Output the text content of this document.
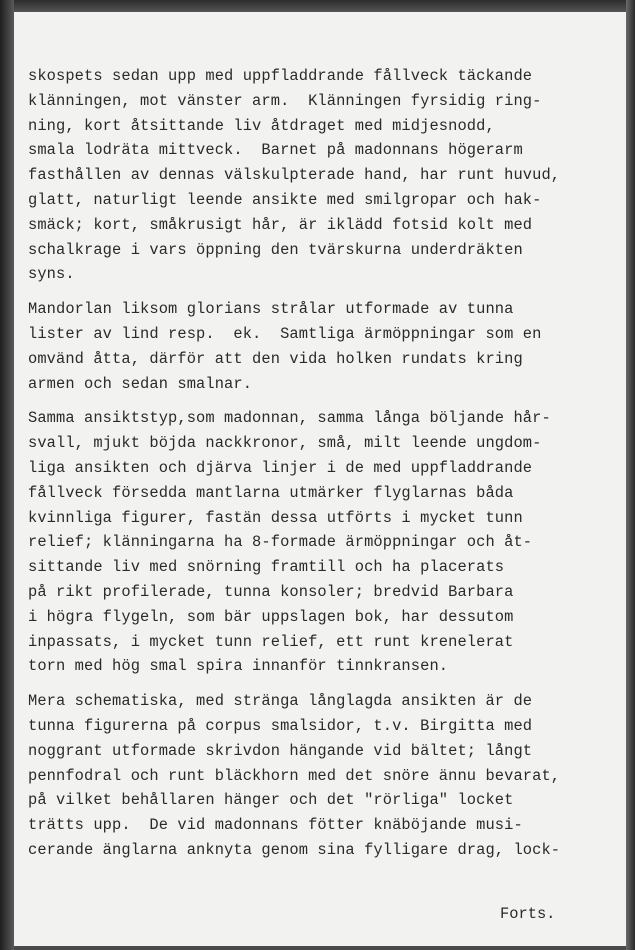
skospets sedan upp med uppfladdrande fållveck täckande
klänningen, mot vänster arm.  Klänningen fyrsidig ring-
ning, kort åtsittande liv åtdraget med midjesnodd,
smala lodräta mittveck.  Barnet på madonnans högerarm
fasthållen av dennas välskulpterade hand, har runt huvud,
glatt, naturligt leende ansikte med smilgropar och hak-
smäck; kort, småkrusigt hår, är iklädd fotsid kolt med
schalkrage i vars öppning den tvärskurna underdräkten
syns.
Mandorlan liksom glorians strålar utformade av tunna
lister av lind resp.  ek.  Samtliga ärmöppningar som en
omvänd åtta, därför att den vida holken rundats kring
armen och sedan smalnar.
Samma ansiktstyp,som madonnan, samma långa böljande hår-
svall, mjukt böjda nackkronor, små, milt leende ungdom-
liga ansikten och djärva linjer i de med uppfladdrande
fållveck försedda mantlarna utmärker flyglarnas båda
kvinnliga figurer, fastän dessa utförts i mycket tunn
relief; klänningarna ha 8-formade ärmöppningar och åt-
sittande liv med snörning framtill och ha placerats
på rikt profilerade, tunna konsoler; bredvid Barbara
i högra flygeln, som bär uppslagen bok, har dessutom
inpassats, i mycket tunn relief, ett runt krenelerat
torn med hög smal spira innanför tinnkransen.
Mera schematiska, med stränga långlagda ansikten är de
tunna figurerna på corpus smalsidor, t.v. Birgitta med
noggrant utformade skrivdon hängande vid bältet; långt
pennfodral och runt bläckhorn med det snöre ännu bevarat,
på vilket behållaren hänger och det "rörliga" locket
trätts upp.  De vid madonnans fötter knäböjande musi-
cerande änglarna anknyta genom sina fylligare drag, lock-
Forts.
